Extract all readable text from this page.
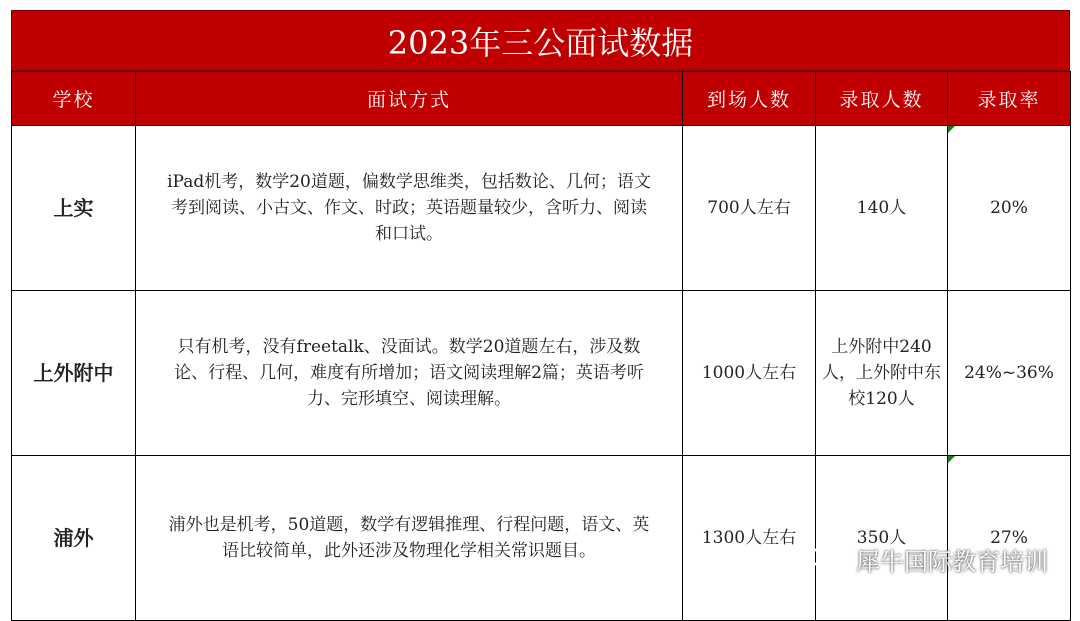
2023年三公面试数据
学校	面试方式	到场人数	录取人数	录取率
上实	iPad机考，数学20道题，偏数学思维类，包括数论、几何；语文考到阅读、小古文、作文、时政；英语题量较少，含听力、阅读和口试。	700人左右	140人	20%
上外附中	只有机考，没有freetalk、没面试。数学20道题左右，涉及数论、行程、几何，难度有所增加；语文阅读理解2篇；英语考听力、完形填空、阅读理解。	1000人左右	上外附中240人，上外附中东校120人	24%~36%
浦外	浦外也是机考，50道题，数学有逻辑推理、行程问题，语文、英语比较简单，此外还涉及物理化学相关常识题目。	1300人左右	350人	27%
犀牛国际教育培训
